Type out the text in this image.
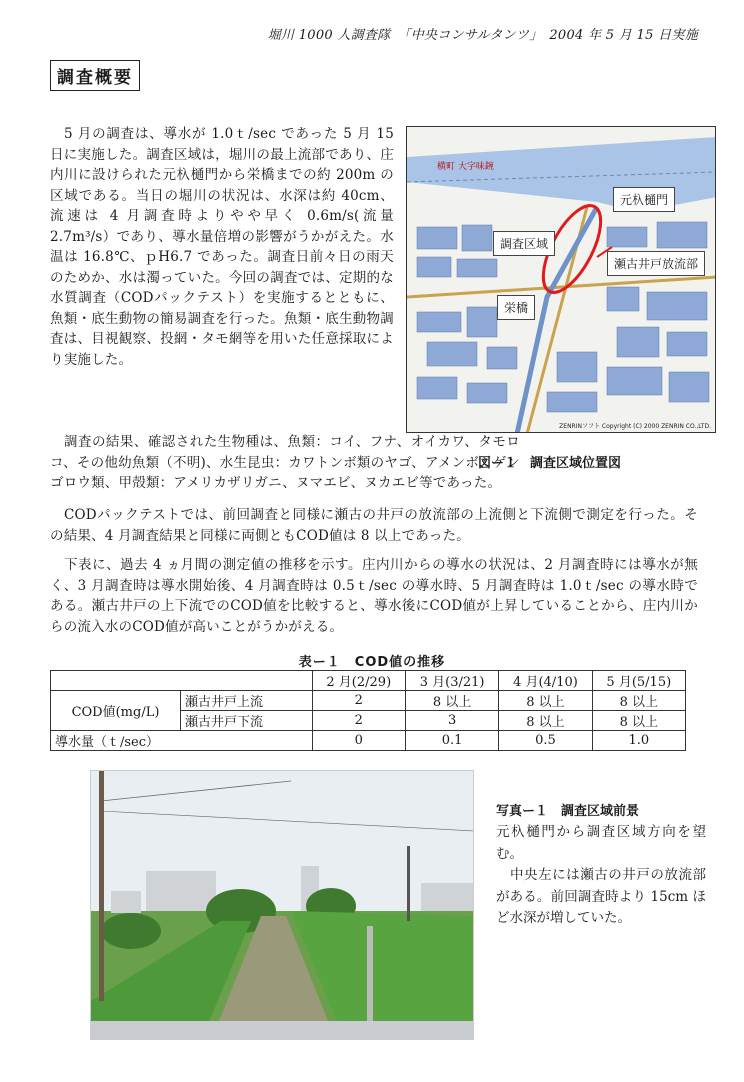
堀川 1000 人調査隊　「中央コンサルタンツ」　2004 年 5 月 15 日実施
調査概要

5 月の調査は、導水が 1.0ｔ/sec であった 5 月 15 日に実施した。調査区域は，堀川の最上流部であり、庄内川に設けられた元杁樋門から栄橋までの約 200m の区域である。当日の堀川の状況は、水深は約 40cm、流速は 4 月調査時よりやや早く 0.6m/s(流量 2.7m³/s）であり、導水量倍増の影響がうかがえた。水温は 16.8℃、ｐH6.7 であった。調査日前々日の雨天のためか、水は濁っていた。今回の調査では、定期的な水質調査（CODパックテスト）を実施するとともに、魚類・底生動物の簡易調査を行った。魚類・底生動物調査は、目視観察、投網・タモ網等を用いた任意採取により実施した。

横町 大字味鋺
元杁樋門
調査区域
瀬古井戸放流部
栄橋
ZENRINソフト Copyright (C) 2000 ZENRIN CO.,LTD.
図ー１　調査区域位置図

調査の結果、確認された生物種は、魚類：コイ、フナ、オイカワ、タモロコ、その他幼魚類（不明)、水生昆虫：カワトンボ類のヤゴ、アメンボ、ゲンゴロウ類、甲殻類：アメリカザリガニ、ヌマエビ、ヌカエビ等であった。

CODパックテストでは、前回調査と同様に瀬古の井戸の放流部の上流側と下流側で測定を行った。その結果、4 月調査結果と同様に両側ともCOD値は 8 以上であった。

下表に、過去 4 ヵ月間の測定値の推移を示す。庄内川からの導水の状況は、2 月調査時には導水が無く、3 月調査時は導水開始後、4 月調査時は 0.5ｔ/sec の導水時、5 月調査時は 1.0ｔ/sec の導水時である。瀬古井戸の上下流でのCOD値を比較すると、導水後にCOD値が上昇していることから、庄内川からの流入水のCOD値が高いことがうかがえる。

表ー１　COD値の推移
		2 月(2/29)	3 月(3/21)	4 月(4/10)	5 月(5/15)
COD値(mg/L)	瀬古井戸上流	2	8 以上	8 以上	8 以上
	瀬古井戸下流	2	3	8 以上	8 以上
導水量（ｔ/sec）		0	0.1	0.5	1.0
写真ー１　調査区域前景

元杁樋門から調査区域方向を望む。

中央左には瀬古の井戸の放流部がある。前回調査時より 15cm ほど水深が増していた。
